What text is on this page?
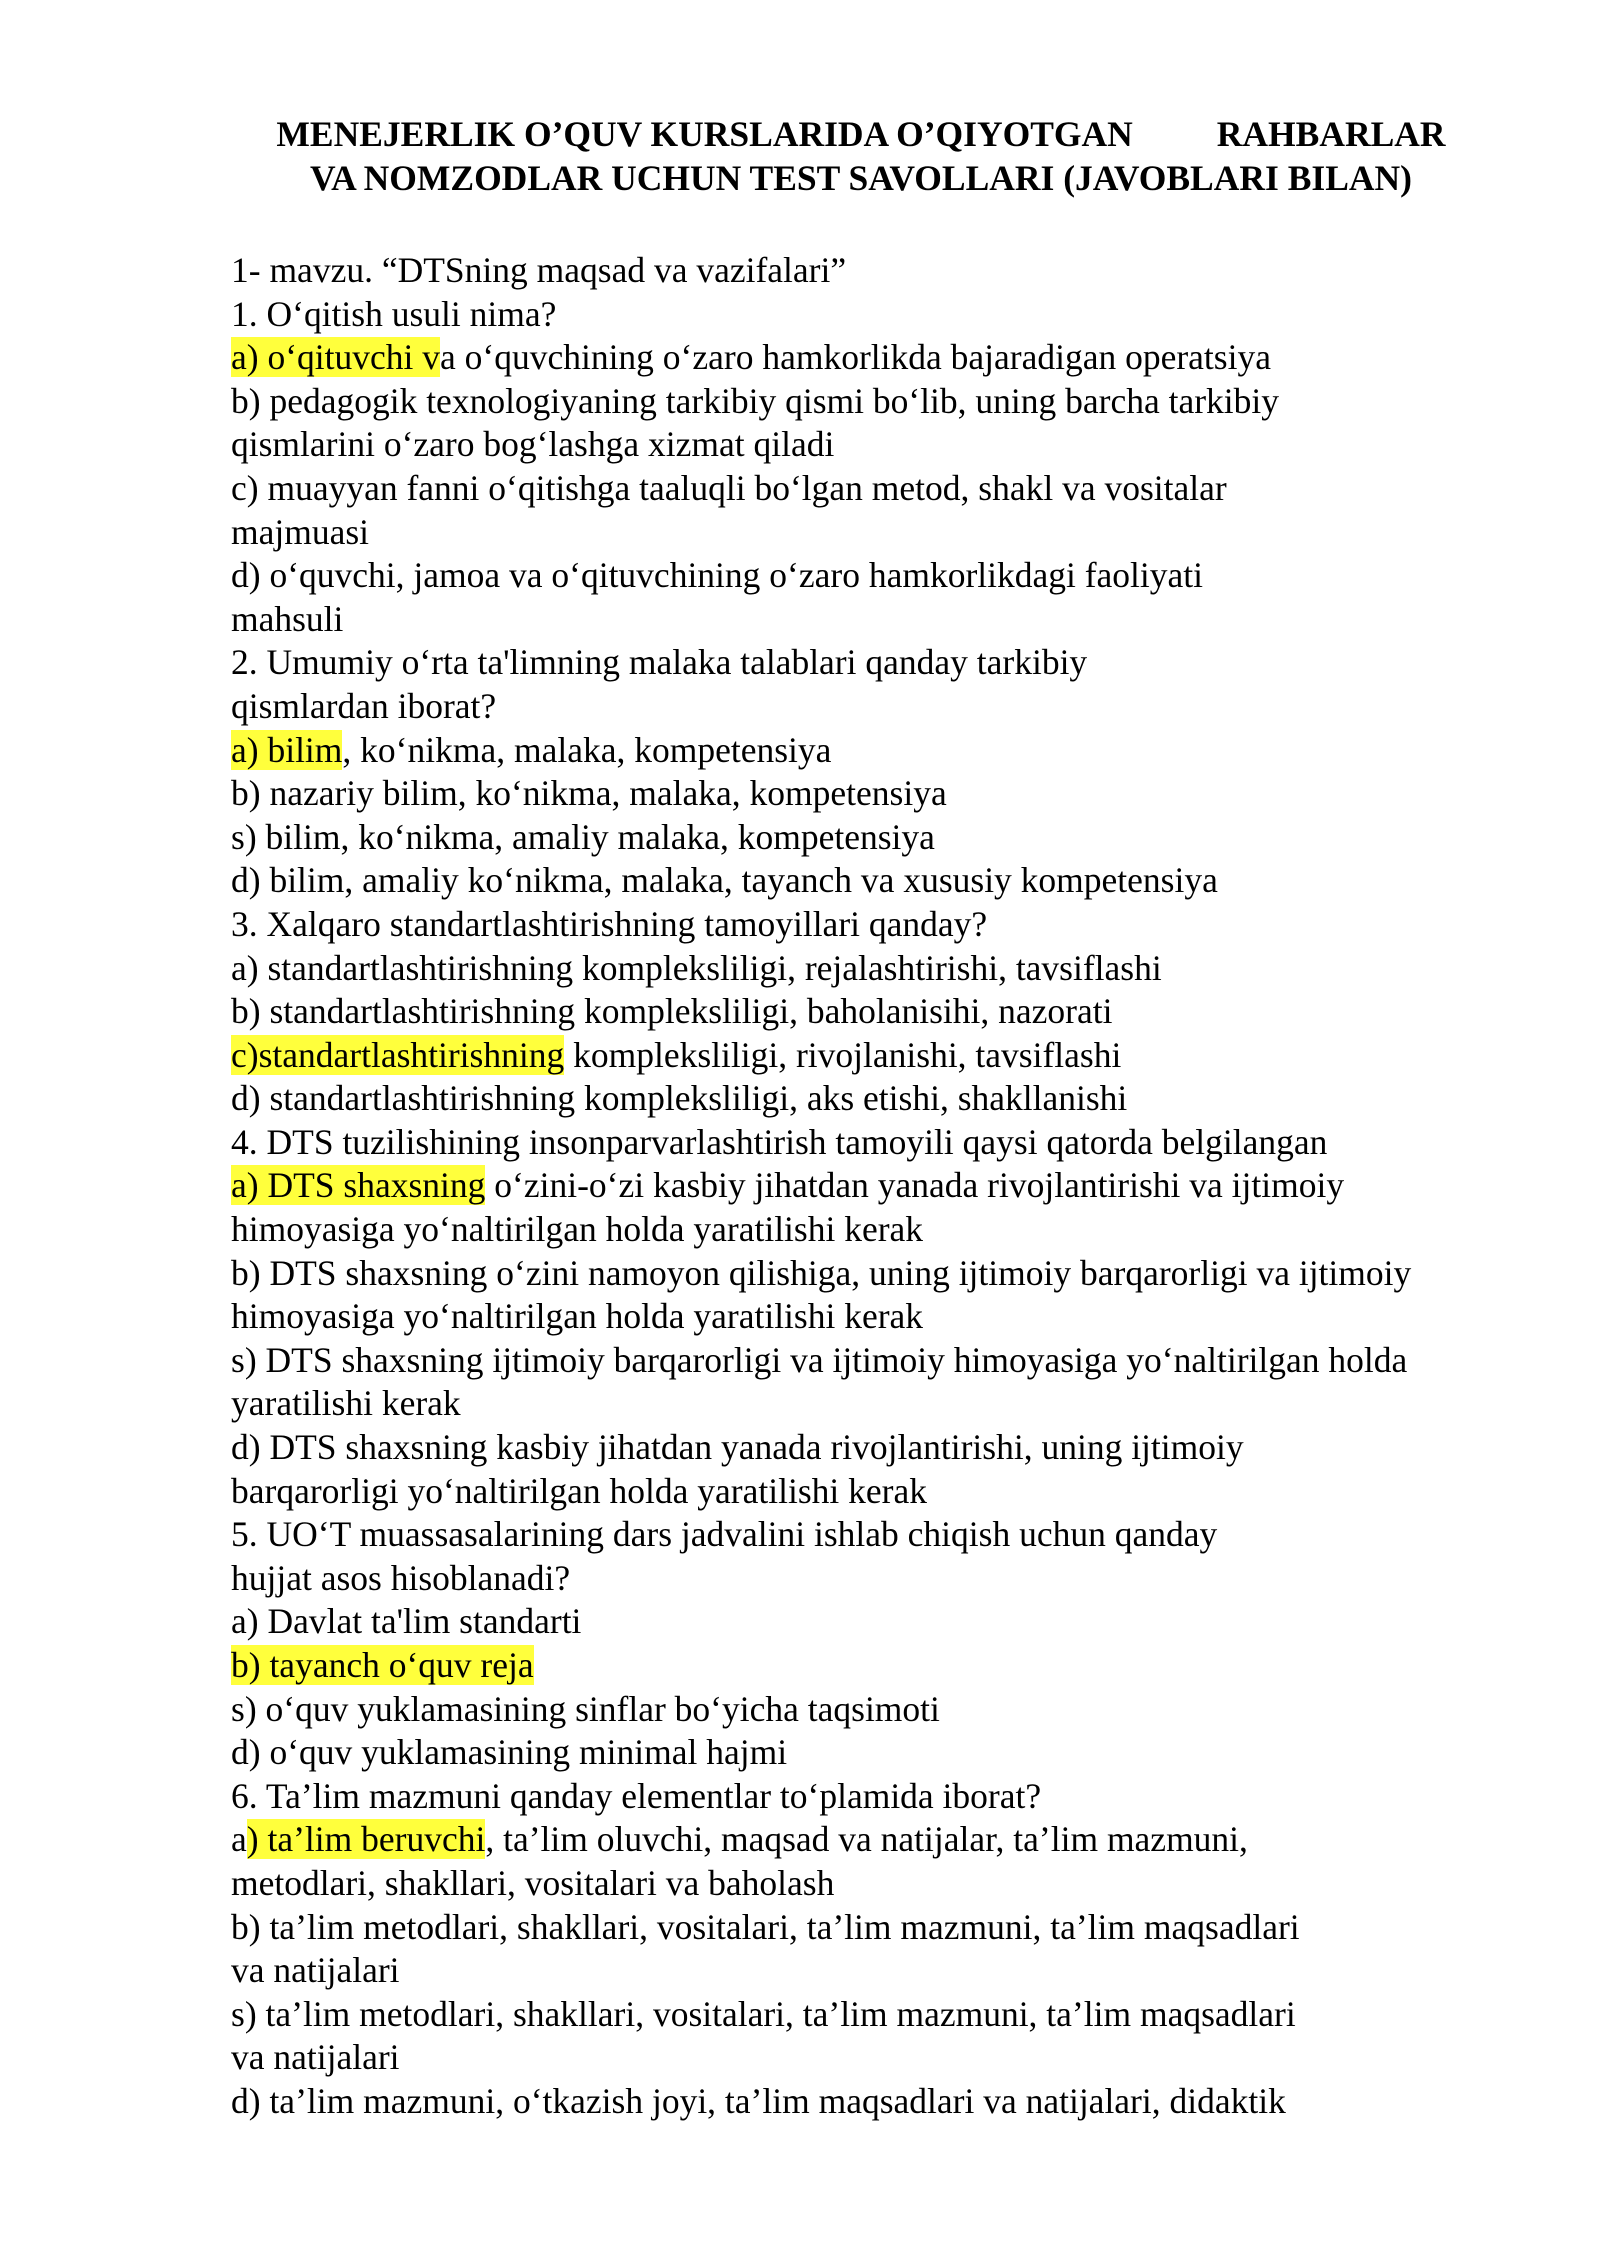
MENEJERLIK O’QUV KURSLARIDA O’QIYOTGAN RAHBARLAR
VA NOMZODLAR UCHUN TEST SAVOLLARI (JAVOBLARI BILAN)
1- mavzu. “DTSning maqsad va vazifalari”
1. Oʻqitish usuli nima?
a) oʻqituvchi va oʻquvchining oʻzaro hamkorlikda bajaradigan operatsiya
b) pedagogik texnologiyaning tarkibiy qismi boʻlib, uning barcha tarkibiy
qismlarini oʻzaro bogʻlashga xizmat qiladi
c) muayyan fanni oʻqitishga taaluqli boʻlgan metod, shakl va vositalar
majmuasi
d) oʻquvchi, jamoa va oʻqituvchining oʻzaro hamkorlikdagi faoliyati
mahsuli
2. Umumiy oʻrta ta'limning malaka talablari qanday tarkibiy
qismlardan iborat?
a) bilim, koʻnikma, malaka, kompetensiya
b) nazariy bilim, koʻnikma, malaka, kompetensiya
s) bilim, koʻnikma, amaliy malaka, kompetensiya
d) bilim, amaliy koʻnikma, malaka, tayanch va xususiy kompetensiya
3. Xalqaro standartlashtirishning tamoyillari qanday?
a) standartlashtirishning kompleksliligi, rejalashtirishi, tavsiflashi
b) standartlashtirishning kompleksliligi, baholanisihi, nazorati
c)standartlashtirishning kompleksliligi, rivojlanishi, tavsiflashi
d) standartlashtirishning kompleksliligi, aks etishi, shakllanishi
4. DTS tuzilishining insonparvarlashtirish tamoyili qaysi qatorda belgilangan
a) DTS shaxsning oʻzini-oʻzi kasbiy jihatdan yanada rivojlantirishi va ijtimoiy
himoyasiga yoʻnaltirilgan holda yaratilishi kerak
b) DTS shaxsning oʻzini namoyon qilishiga, uning ijtimoiy barqarorligi va ijtimoiy
himoyasiga yoʻnaltirilgan holda yaratilishi kerak
s) DTS shaxsning ijtimoiy barqarorligi va ijtimoiy himoyasiga yoʻnaltirilgan holda
yaratilishi kerak
d) DTS shaxsning kasbiy jihatdan yanada rivojlantirishi, uning ijtimoiy
barqarorligi yoʻnaltirilgan holda yaratilishi kerak
5. UOʻT muassasalarining dars jadvalini ishlab chiqish uchun qanday
hujjat asos hisoblanadi?
a) Davlat ta'lim standarti
b) tayanch oʻquv reja
s) oʻquv yuklamasining sinflar boʻyicha taqsimoti
d) oʻquv yuklamasining minimal hajmi
6. Ta’lim mazmuni qanday elementlar toʻplamida iborat?
a) ta’lim beruvchi, ta’lim oluvchi, maqsad va natijalar, ta’lim mazmuni,
metodlari, shakllari, vositalari va baholash
b) ta’lim metodlari, shakllari, vositalari, ta’lim mazmuni, ta’lim maqsadlari
va natijalari
s) ta’lim metodlari, shakllari, vositalari, ta’lim mazmuni, ta’lim maqsadlari
va natijalari
d) ta’lim mazmuni, oʻtkazish joyi, ta’lim maqsadlari va natijalari, didaktik
